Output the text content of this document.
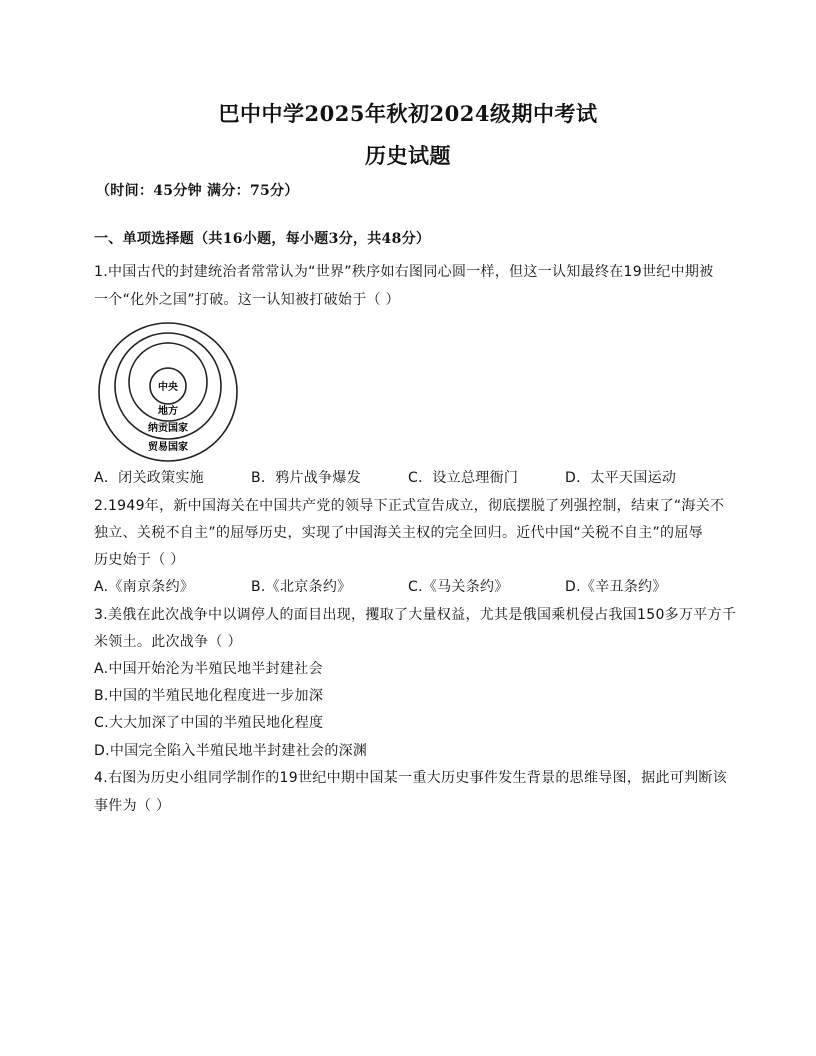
巴中中学2025年秋初2024级期中考试
历史试题
（时间：45分钟 满分：75分）
一、单项选择题（共16小题，每小题3分，共48分）
1.中国古代的封建统治者常常认为“世界”秩序如右图同心圆一样，但这一认知最终在19世纪中期被
一个“化外之国”打破。这一认知被打破始于（ ）
中央
地方
纳贡国家
贸易国家
A．闭关政策实施	B．鸦片战争爆发	C．设立总理衙门	D．太平天国运动
2.1949年，新中国海关在中国共产党的领导下正式宣告成立，彻底摆脱了列强控制，结束了“海关不
独立、关税不自主”的屈辱历史，实现了中国海关主权的完全回归。近代中国“关税不自主”的屈辱
历史始于（ ）
A.《南京条约》	B.《北京条约》	C.《马关条约》	D.《辛丑条约》
3.美俄在此次战争中以调停人的面目出现，攫取了大量权益，尤其是俄国乘机侵占我国150多万平方千
米领土。此次战争（ ）
A.中国开始沦为半殖民地半封建社会
B.中国的半殖民地化程度进一步加深
C.大大加深了中国的半殖民地化程度
D.中国完全陷入半殖民地半封建社会的深渊
4.右图为历史小组同学制作的19世纪中期中国某一重大历史事件发生背景的思维导图，据此可判断该
事件为（ ）
